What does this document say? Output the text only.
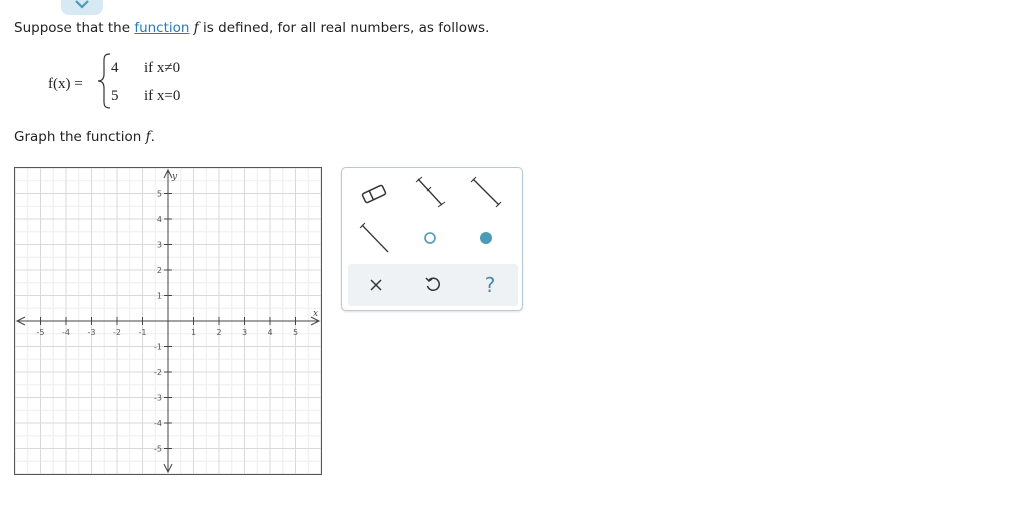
Suppose that the function f is defined, for all real numbers, as follows.
f(x) =
4 if x≠0
5 if x=0
Graph the function f.
x
y
-5 -4 -3 -2 -1	1	2	3	4	5
5
4
3
2
1
-1
-2
-3
-4
-5
?
